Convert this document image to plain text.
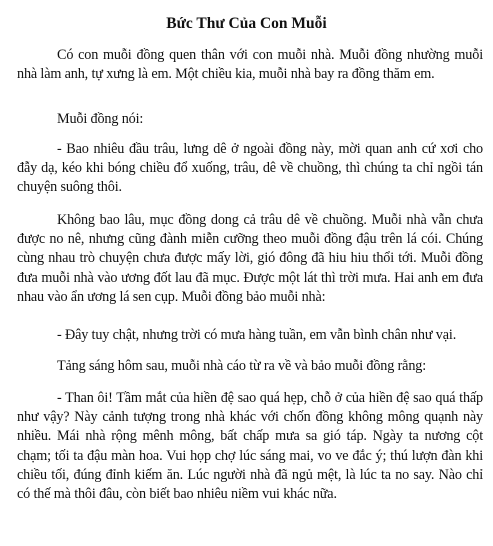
Bức Thư Của Con Muỗi

Có con muỗi đồng quen thân với con muỗi nhà. Muỗi đồng nhường muỗi nhà làm anh, tự xưng là em. Một chiều kia, muỗi nhà bay ra đồng thăm em.

Muỗi đồng nói:

- Bao nhiêu đầu trâu, lưng dê ở ngoài đồng này, mời quan anh cứ xơi cho đẫy dạ, kéo khi bóng chiều đổ xuống, trâu, dê về chuồng, thì chúng ta chỉ ngồi tán chuyện suông thôi.

Không bao lâu, mục đồng dong cả trâu dê về chuồng. Muỗi nhà vẫn chưa được no nê, nhưng cũng đành miễn cưỡng theo muỗi đồng đậu trên lá cói. Chúng cùng nhau trò chuyện chưa được mấy lời, gió đông đã hiu hiu thổi tới. Muỗi đồng đưa muỗi nhà vào ương đốt lau đã mục. Được một lát thì trời mưa. Hai anh em đưa nhau vào ẩn ương lá sen cụp. Muỗi đồng bảo muỗi nhà:

- Đây tuy chật, nhưng trời có mưa hàng tuần, em vẫn bình chân như vại.

Tảng sáng hôm sau, muỗi nhà cáo từ ra về và bảo muỗi đồng rằng:

- Than ôi! Tầm mắt của hiền đệ sao quá hẹp, chỗ ở của hiền đệ sao quá thấp như vậy? Này cảnh tượng trong nhà khác với chốn đồng không mông quạnh này nhiều. Mái nhà rộng mênh mông, bất chấp mưa sa gió táp. Ngày ta nương cột chạm; tối ta đậu màn hoa. Vui họp chợ lúc sáng mai, vo ve đắc ý; thú lượn đàn khi chiều tối, đúng đỉnh kiếm ăn. Lúc người nhà đã ngủ mệt, là lúc ta no say. Nào chỉ có thế mà thôi đâu, còn biết bao nhiêu niềm vui khác nữa.
